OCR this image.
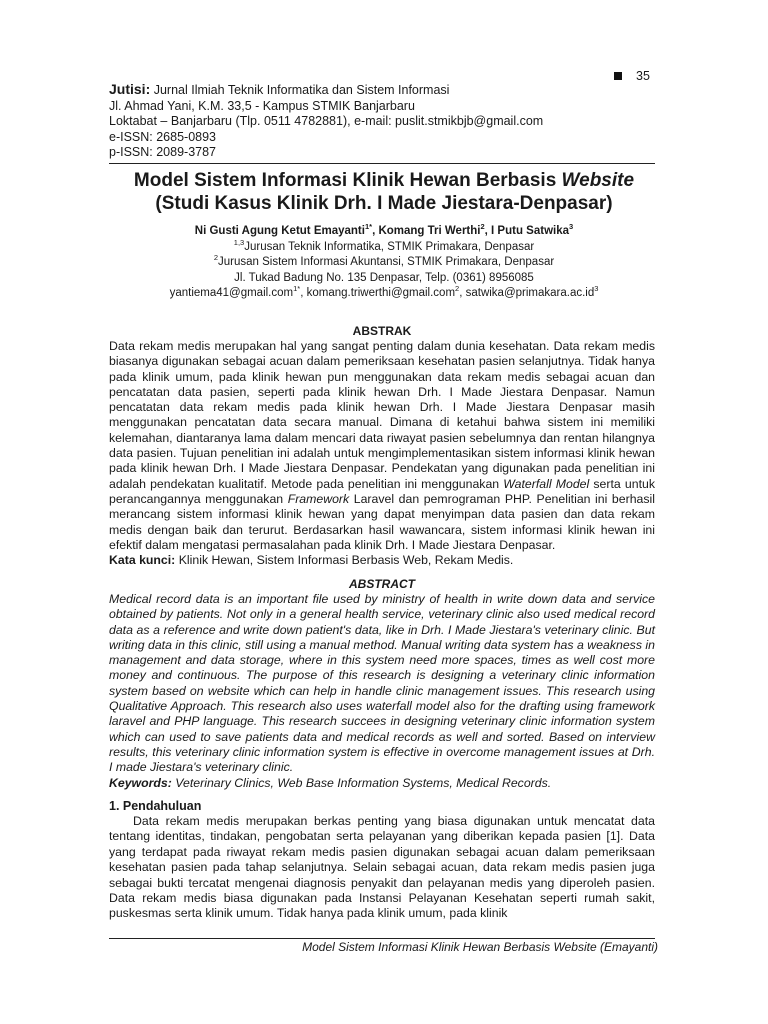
35
Jutisi: Jurnal Ilmiah Teknik Informatika dan Sistem Informasi
Jl. Ahmad Yani, K.M. 33,5 - Kampus STMIK Banjarbaru
Loktabat – Banjarbaru (Tlp. 0511 4782881), e-mail: puslit.stmikbjb@gmail.com
e-ISSN: 2685-0893
p-ISSN: 2089-3787
Model Sistem Informasi Klinik Hewan Berbasis Website
(Studi Kasus Klinik Drh. I Made Jiestara-Denpasar)
Ni Gusti Agung Ketut Emayanti$^{1*}$, Komang Tri Werthi$^2$, I Putu Satwika$^3$
$^{1,3}$Jurusan Teknik Informatika, STMIK Primakara, Denpasar
$^2$Jurusan Sistem Informasi Akuntansi, STMIK Primakara, Denpasar
Jl. Tukad Badung No. 135 Denpasar, Telp. (0361) 8956085
yantiema41@gmail.com$^{1*}$, komang.triwerthi@gmail.com$^2$, $satwika@primakara.ac.id^3$
ABSTRAK
Data rekam medis merupakan hal yang sangat penting dalam dunia kesehatan. Data rekam medis biasanya digunakan sebagai acuan dalam pemeriksaan kesehatan pasien selanjutnya. Tidak hanya pada klinik umum, pada klinik hewan pun menggunakan data rekam medis sebagai acuan dan pencatatan data pasien, seperti pada klinik hewan Drh. I Made Jiestara Denpasar. Namun pencatatan data rekam medis pada klinik hewan Drh. I Made Jiestara Denpasar masih menggunakan pencatatan data secara manual. Dimana di ketahui bahwa sistem ini memiliki kelemahan, diantaranya lama dalam mencari data riwayat pasien sebelumnya dan rentan hilangnya data pasien. Tujuan penelitian ini adalah untuk mengimplementasikan sistem informasi klinik hewan pada klinik hewan Drh. I Made Jiestara Denpasar. Pendekatan yang digunakan pada penelitian ini adalah pendekatan kualitatif. Metode pada penelitian ini menggunakan Waterfall Model serta untuk perancangannya menggunakan Framework Laravel dan pemrograman PHP. Penelitian ini berhasil merancang sistem informasi klinik hewan yang dapat menyimpan data pasien dan data rekam medis dengan baik dan terurut. Berdasarkan hasil wawancara, sistem informasi klinik hewan ini efektif dalam mengatasi permasalahan pada klinik Drh. I Made Jiestara Denpasar.
Kata kunci: Klinik Hewan, Sistem Informasi Berbasis Web, Rekam Medis.
ABSTRACT
Medical record data is an important file used by ministry of health in write down data and service obtained by patients. Not only in a general health service, veterinary clinic also used medical record data as a reference and write down patient's data, like in Drh. I Made Jiestara's veterinary clinic. But writing data in this clinic, still using a manual method. Manual writing data system has a weakness in management and data storage, where in this system need more spaces, times as well cost more money and continuous. The purpose of this research is designing a veterinary clinic information system based on website which can help in handle clinic management issues. This research using Qualitative Approach. This research also uses waterfall model also for the drafting using framework laravel and PHP language. This research succees in designing veterinary clinic information system which can used to save patients data and medical records as well and sorted. Based on interview results, this veterinary clinic information system is effective in overcome management issues at Drh. I made Jiestara's veterinary clinic.
Keywords: Veterinary Clinics, Web Base Information Systems, Medical Records.
1. Pendahuluan
Data rekam medis merupakan berkas penting yang biasa digunakan untuk mencatat data tentang identitas, tindakan, pengobatan serta pelayanan yang diberikan kepada pasien [1]. Data yang terdapat pada riwayat rekam medis pasien digunakan sebagai acuan dalam pemeriksaan kesehatan pasien pada tahap selanjutnya. Selain sebagai acuan, data rekam medis pasien juga sebagai bukti tercatat mengenai diagnosis penyakit dan pelayanan medis yang diperoleh pasien. Data rekam medis biasa digunakan pada Instansi Pelayanan Kesehatan seperti rumah sakit, puskesmas serta klinik umum. Tidak hanya pada klinik umum, pada klinik
Model Sistem Informasi Klinik Hewan Berbasis Website (Emayanti)
